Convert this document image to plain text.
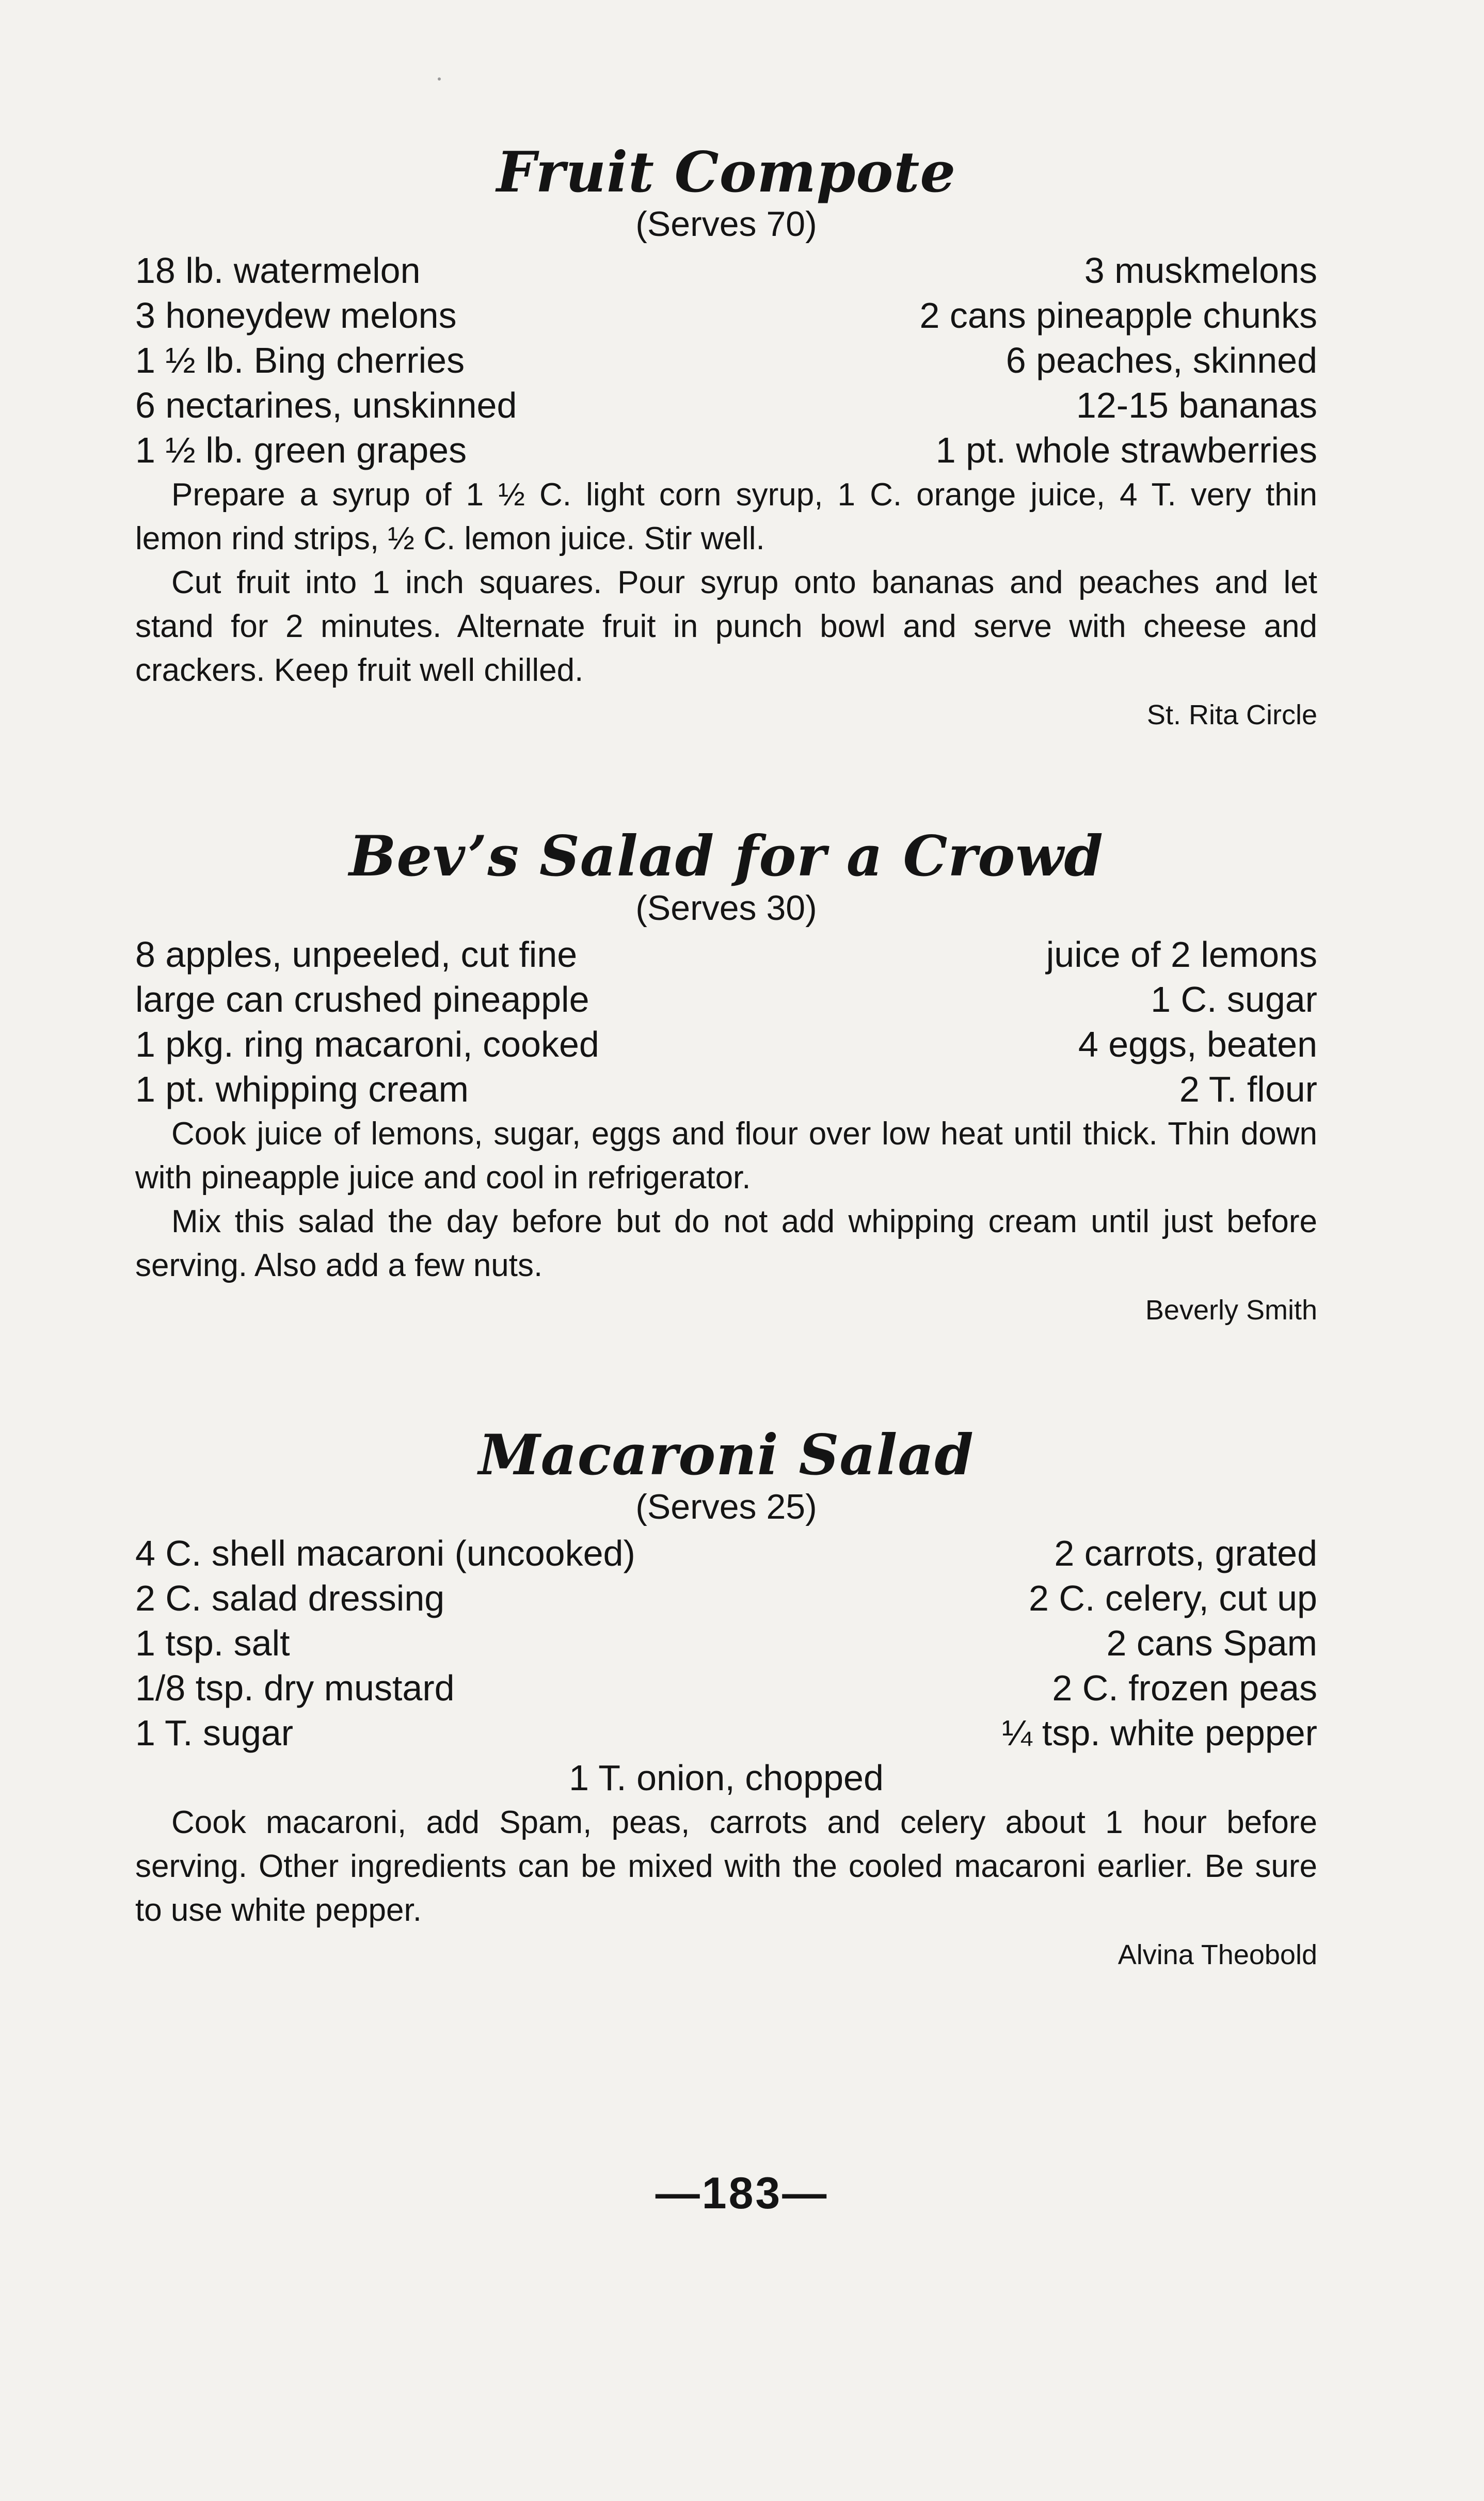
Fruit Compote
(Serves 70)
18 lb. watermelon	3 muskmelons
3 honeydew melons	2 cans pineapple chunks
1 ½ lb. Bing cherries	6 peaches, skinned
6 nectarines, unskinned	12-15 bananas
1 ½ lb. green grapes	1 pt. whole strawberries

Prepare a syrup of 1 ½ C. light corn syrup, 1 C. orange juice, 4 T. very thin lemon rind strips, ½ C. lemon juice. Stir well.

Cut fruit into 1 inch squares. Pour syrup onto bananas and peaches and let stand for 2 minutes. Alternate fruit in punch bowl and serve with cheese and crackers. Keep fruit well chilled.

St. Rita Circle
Bev’s Salad for a Crowd
(Serves 30)
8 apples, unpeeled, cut fine	juice of 2 lemons
large can crushed pineapple	1 C. sugar
1 pkg. ring macaroni, cooked	4 eggs, beaten
1 pt. whipping cream	2 T. flour

Cook juice of lemons, sugar, eggs and flour over low heat until thick. Thin down with pineapple juice and cool in refrigerator.

Mix this salad the day before but do not add whipping cream until just before serving. Also add a few nuts.

Beverly Smith
Macaroni Salad
(Serves 25)
4 C. shell macaroni (uncooked)	2 carrots, grated
2 C. salad dressing	2 C. celery, cut up
1 tsp. salt	2 cans Spam
1/8 tsp. dry mustard	2 C. frozen peas
1 T. sugar	¼ tsp. white pepper
1 T. onion, chopped

Cook macaroni, add Spam, peas, carrots and celery about 1 hour before serving. Other ingredients can be mixed with the cooled macaroni earlier. Be sure to use white pepper.

Alvina Theobold
—183—
